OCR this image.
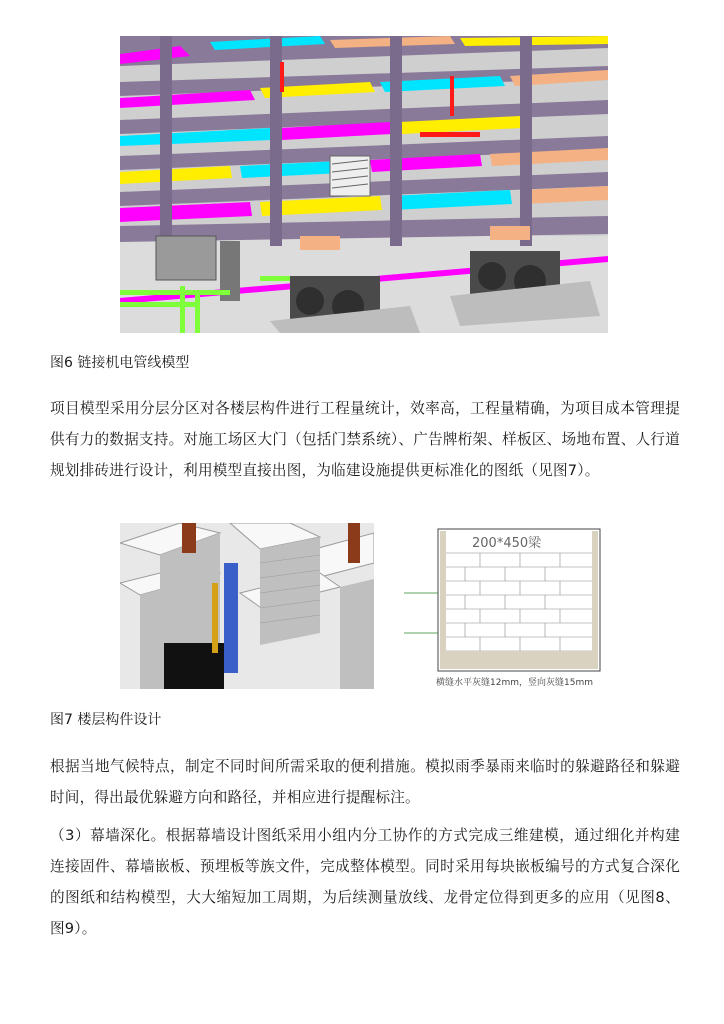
图6 链接机电管线模型

项目模型采用分层分区对各楼层构件进行工程量统计，效率高，工程量精确，为项目成本管理提供有力的数据支持。对施工场区大门（包括门禁系统）、广告牌桁架、样板区、场地布置、人行道规划排砖进行设计，利用模型直接出图，为临建设施提供更标准化的图纸（见图7）。

200*450梁
横缝水平灰缝12mm，竖向灰缝15mm
图7 楼层构件设计

根据当地气候特点，制定不同时间所需采取的便利措施。模拟雨季暴雨来临时的躲避路径和躲避时间，得出最优躲避方向和路径，并相应进行提醒标注。

（3）幕墙深化。根据幕墙设计图纸采用小组内分工协作的方式完成三维建模，通过细化并构建连接固件、幕墙嵌板、预埋板等族文件，完成整体模型。同时采用每块嵌板编号的方式复合深化的图纸和结构模型，大大缩短加工周期，为后续测量放线、龙骨定位得到更多的应用（见图8、图9）。
